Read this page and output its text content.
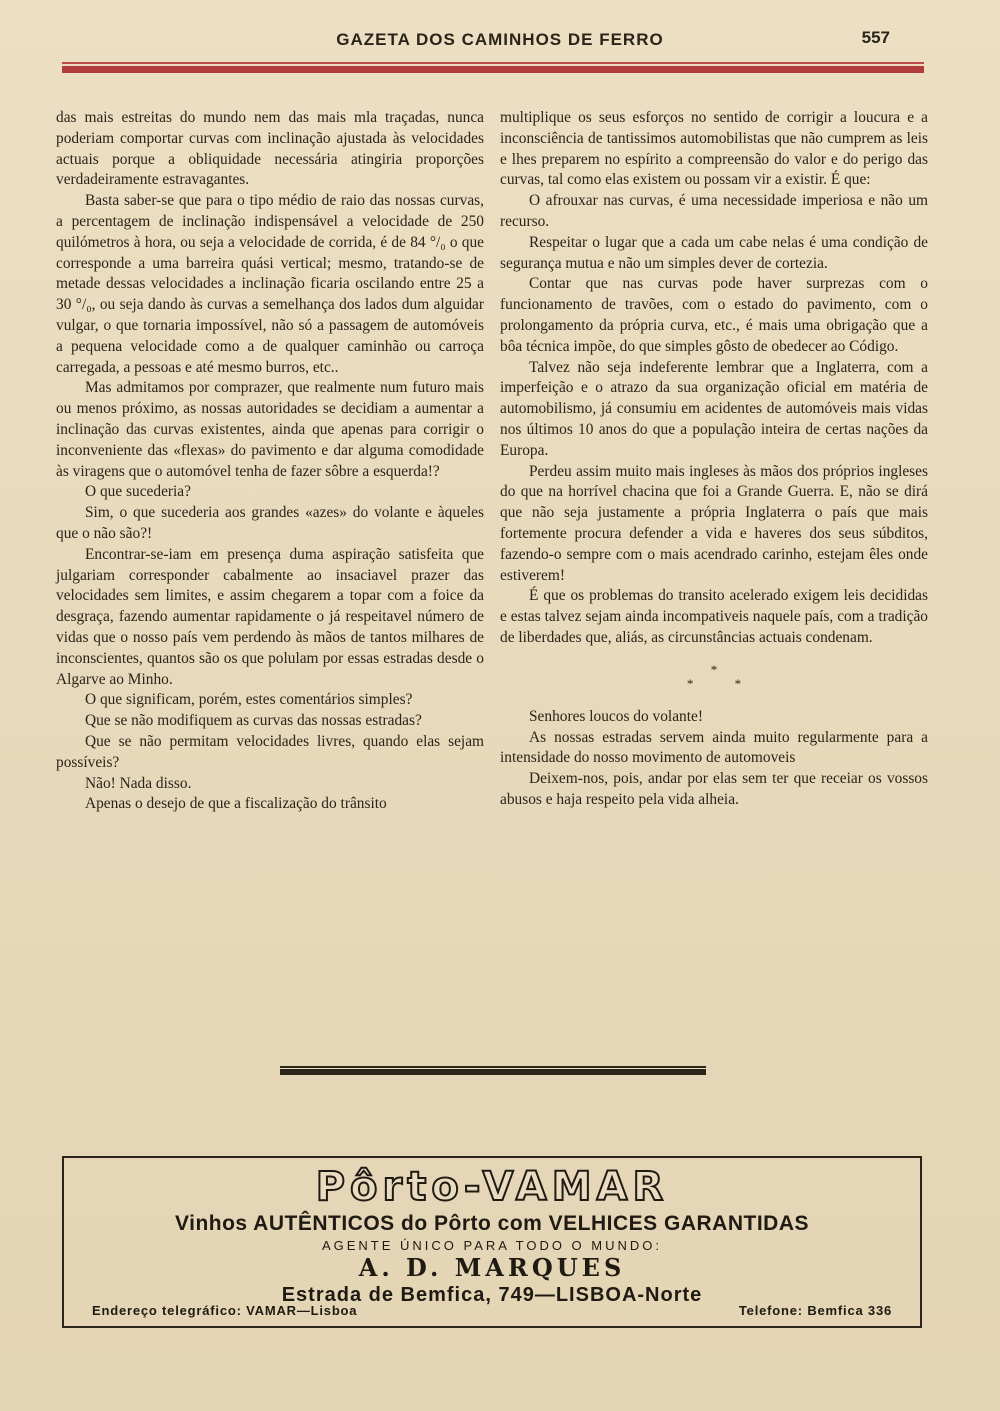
GAZETA DOS CAMINHOS DE FERRO	557

das mais estreitas do mundo nem das mais mla traçadas, nunca poderiam comportar curvas com inclinação ajustada às velocidades actuais porque a obliquidade necessária atingiria proporções verdadeiramente estravagantes.

Basta saber-se que para o tipo médio de raio das nossas curvas, a percentagem de inclinação indispensável a velocidade de 250 quilómetros à hora, ou seja a velocidade de corrida, é de 84 °/₀ o que corresponde a uma barreira quási vertical; mesmo, tratando-se de metade dessas velocidades a inclinação ficaria oscilando entre 25 a 30 °/₀, ou seja dando às curvas a semelhança dos lados dum alguidar vulgar, o que tornaria impossível, não só a passagem de automóveis a pequena velocidade como a de qualquer caminhão ou carroça carregada, a pessoas e até mesmo burros, etc..

Mas admitamos por comprazer, que realmente num futuro mais ou menos próximo, as nossas autoridades se decidiam a aumentar a inclinação das curvas existentes, ainda que apenas para corrigir o inconveniente das «flexas» do pavimento e dar alguma comodidade às viragens que o automóvel tenha de fazer sôbre a esquerda!?

O que sucederia?

Sim, o que sucederia aos grandes «azes» do volante e àqueles que o não são?!

Encontrar-se-iam em presença duma aspiração satisfeita que julgariam corresponder cabalmente ao insaciavel prazer das velocidades sem limites, e assim chegarem a topar com a foice da desgraça, fazendo aumentar rapidamente o já respeitavel número de vidas que o nosso país vem perdendo às mãos de tantos milhares de inconscientes, quantos são os que polulam por essas estradas desde o Algarve ao Minho.

O que significam, porém, estes comentários simples?

Que se não modifiquem as curvas das nossas estradas?

Que se não permitam velocidades livres, quando elas sejam possíveis?

Não! Nada disso.

Apenas o desejo de que a fiscalização do trânsito

multiplique os seus esforços no sentido de corrigir a loucura e a inconsciência de tantissimos automobilistas que não cumprem as leis e lhes preparem no espírito a compreensão do valor e do perigo das curvas, tal como elas existem ou possam vir a existir. É que:

O afrouxar nas curvas, é uma necessidade imperiosa e não um recurso.

Respeitar o lugar que a cada um cabe nelas é uma condição de segurança mutua e não um simples dever de cortezia.

Contar que nas curvas pode haver surprezas com o funcionamento de travões, com o estado do pavimento, com o prolongamento da própria curva, etc., é mais uma obrigação que a bôa técnica impõe, do que simples gôsto de obedecer ao Código.

Talvez não seja indeferente lembrar que a Inglaterra, com a imperfeição e o atrazo da sua organização oficial em matéria de automobilismo, já consumiu em acidentes de automóveis mais vidas nos últimos 10 anos do que a população inteira de certas nações da Europa.

Perdeu assim muito mais ingleses às mãos dos próprios ingleses do que na horrível chacina que foi a Grande Guerra. E, não se dirá que não seja justamente a própria Inglaterra o país que mais fortemente procura defender a vida e haveres dos seus súbditos, fazendo-o sempre com o mais acendrado carinho, estejam êles onde estiverem!

É que os problemas do transito acelerado exigem leis decididas e estas talvez sejam ainda incompativeis naquele país, com a tradição de liberdades que, aliás, as circunstâncias actuais condenam.

*
* *

Senhores loucos do volante!

As nossas estradas servem ainda muito regularmente para a intensidade do nosso movimento de automoveis

Deixem-nos, pois, andar por elas sem ter que receiar os vossos abusos e haja respeito pela vida alheia.

Pôrto-VAMAR
Vinhos AUTÊNTICOS do Pôrto com VELHICES GARANTIDAS
AGENTE ÚNICO PARA TODO O MUNDO:
A. D. MARQUES
Estrada de Bemfica, 749—LISBOA-Norte
Endereço telegráfico: VAMAR—Lisboa	Telefone: Bemfica 336
